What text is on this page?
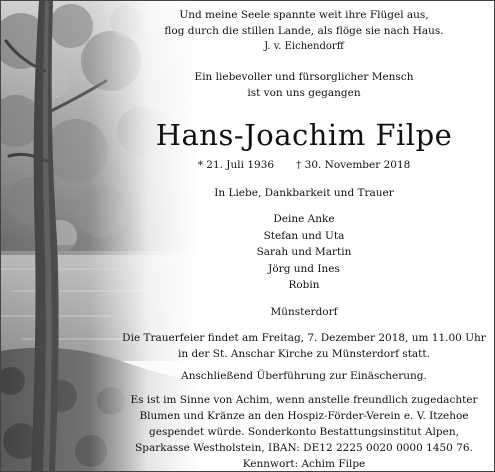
Und meine Seele spannte weit ihre Flügel aus,
flog durch die stillen Lande, als flöge sie nach Haus.
J. v. Eichendorff
Ein liebevoller und fürsorglicher Mensch
ist von uns gegangen
Hans-Joachim Filpe
* 21. Juli 1936 † 30. November 2018
In Liebe, Dankbarkeit und Trauer
Deine Anke
Stefan und Uta
Sarah und Martin
Jörg und Ines
Robin
Münsterdorf
Die Trauerfeier findet am Freitag, 7. Dezember 2018, um 11.00 Uhr
in der St. Anschar Kirche zu Münsterdorf statt.
Anschließend Überführung zur Einäscherung.
Es ist im Sinne von Achim, wenn anstelle freundlich zugedachter
Blumen und Kränze an den Hospiz-Förder-Verein e. V. Itzehoe
gespendet würde. Sonderkonto Bestattungsinstitut Alpen,
Sparkasse Westholstein, IBAN: DE12 2225 0020 0000 1450 76.
Kennwort: Achim Filpe
